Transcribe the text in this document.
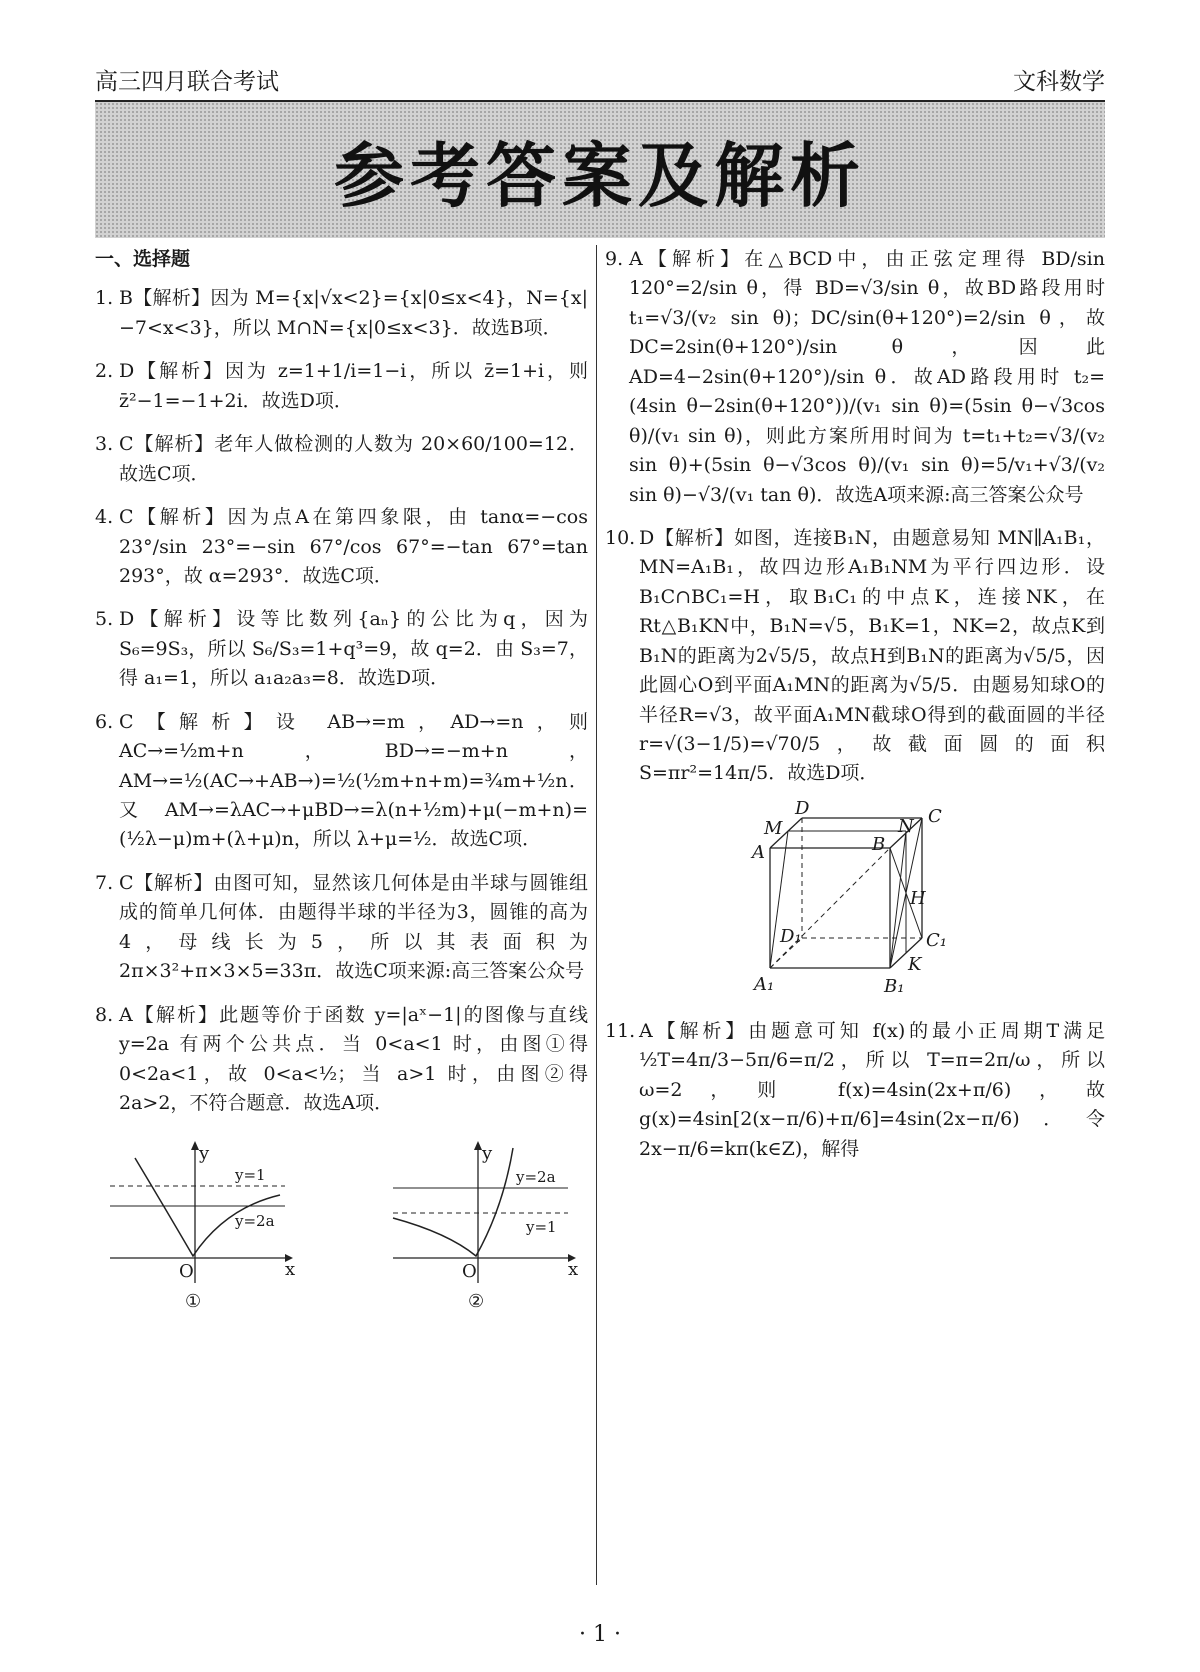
高三四月联合考试	文科数学
参考答案及解析
一、选择题
1. B【解析】因为 M={x|√x<2}={x|0≤x<4}，N={x|−7<x<3}，所以 M∩N={x|0≤x<3}．故选B项．
2. D【解析】因为 z=1+1/i=1−i，所以 z̄=1+i，则 z̄²−1=−1+2i．故选D项．
3. C【解析】老年人做检测的人数为 20×60/100=12．故选C项．
4. C【解析】因为点A在第四象限，由 tanα=−cos 23°/sin 23°=−sin 67°/cos 67°=−tan 67°=tan 293°，故 α=293°．故选C项．
5. D【解析】设等比数列{aₙ}的公比为q，因为 S₆=9S₃，所以 S₆/S₃=1+q³=9，故 q=2．由 S₃=7，得 a₁=1，所以 a₁a₂a₃=8．故选D项．
6. C【解析】设 AB→=m，AD→=n，则 AC→=½m+n，BD→=−m+n，AM→=½(AC→+AB→)=½(½m+n+m)=¾m+½n．又 AM→=λAC→+μBD→=λ(n+½m)+μ(−m+n)=(½λ−μ)m+(λ+μ)n，所以 λ+μ=½．故选C项．
7. C【解析】由图可知，显然该几何体是由半球与圆锥组成的简单几何体．由题得半球的半径为3，圆锥的高为4，母线长为5，所以其表面积为 2π×3²+π×3×5=33π．故选C项来源:高三答案公众号
8. A【解析】此题等价于函数 y=|aˣ−1|的图像与直线 y=2a 有两个公共点．当 0<a<1 时，由图①得 0<2a<1，故 0<a<½；当 a>1 时，由图②得 2a>2，不符合题意．故选A项．
y
x
O
y=1
y=2a
①
y
x
O
y=2a
y=1
②
9. A【解析】在△BCD中，由正弦定理得 BD/sin 120°=2/sin θ，得 BD=√3/sin θ，故BD路段用时 t₁=√3/(v₂ sin θ)；DC/sin(θ+120°)=2/sin θ，故 DC=2sin(θ+120°)/sin θ，因此 AD=4−2sin(θ+120°)/sin θ．故AD路段用时 t₂=(4sin θ−2sin(θ+120°))/(v₁ sin θ)=(5sin θ−√3cos θ)/(v₁ sin θ)，则此方案所用时间为 t=t₁+t₂=√3/(v₂ sin θ)+(5sin θ−√3cos θ)/(v₁ sin θ)=5/v₁+√3/(v₂ sin θ)−√3/(v₁ tan θ)．故选A项来源:高三答案公众号
10. D【解析】如图，连接B₁N，由题意易知 MN∥A₁B₁，MN=A₁B₁，故四边形A₁B₁NM为平行四边形．设 B₁C∩BC₁=H，取B₁C₁的中点K，连接NK，在Rt△B₁KN中，B₁N=√5，B₁K=1，NK=2，故点K到B₁N的距离为2√5/5，故点H到B₁N的距离为√5/5，因此圆心O到平面A₁MN的距离为√5/5．由题易知球O的半径R=√3，故平面A₁MN截球O得到的截面圆的半径 r=√(3−1/5)=√70/5，故截面圆的面积 S=πr²=14π/5．故选D项．
D	C
M	N
A	B
H
D₁	C₁
K
A₁	B₁
11. A【解析】由题意可知 f(x)的最小正周期T满足 ½T=4π/3−5π/6=π/2，所以 T=π=2π/ω，所以 ω=2，则 f(x)=4sin(2x+π/6)，故 g(x)=4sin[2(x−π/6)+π/6]=4sin(2x−π/6)．令 2x−π/6=kπ(k∈Z)，解得
· 1 ·
